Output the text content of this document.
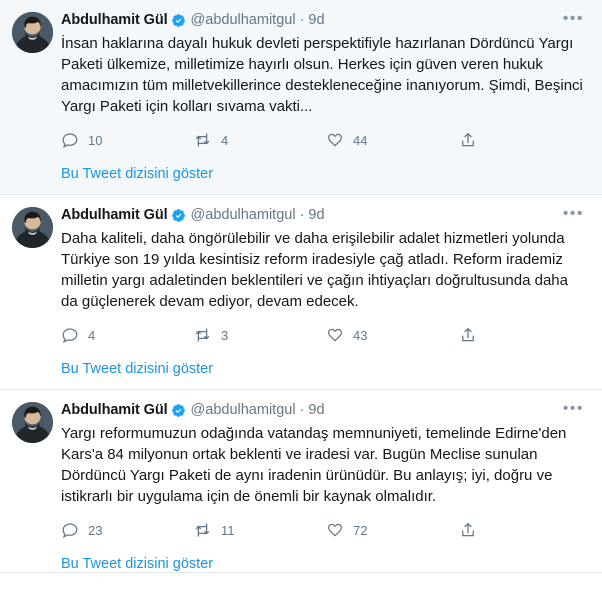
Abdulhamit Gül @abdulhamitgul · 9d	•••
İnsan haklarına dayalı hukuk devleti perspektifiyle hazırlanan Dördüncü Yargı Paketi ülkemize, milletimize hayırlı olsun. Herkes için güven veren hukuk amacımızın tüm milletvekillerince destekleneceğine inanıyorum. Şimdi, Beşinci Yargı Paketi için kolları sıvama vakti...
10	4	44
Bu Tweet dizisini göster
Abdulhamit Gül @abdulhamitgul · 9d	•••
Daha kaliteli, daha öngörülebilir ve daha erişilebilir adalet hizmetleri yolunda Türkiye son 19 yılda kesintisiz reform iradesiyle çağ atladı. Reform irademiz milletin yargı adaletinden beklentileri ve çağın ihtiyaçları doğrultusunda daha da güçlenerek devam ediyor, devam edecek.
4	3	43
Bu Tweet dizisini göster
Abdulhamit Gül @abdulhamitgul · 9d	•••
Yargı reformumuzun odağında vatandaş memnuniyeti, temelinde Edirne'den Kars'a 84 milyonun ortak beklenti ve iradesi var. Bugün Meclise sunulan Dördüncü Yargı Paketi de aynı iradenin ürünüdür. Bu anlayış; iyi, doğru ve istikrarlı bir uygulama için de önemli bir kaynak olmalıdır.
23	11	72
Bu Tweet dizisini göster
